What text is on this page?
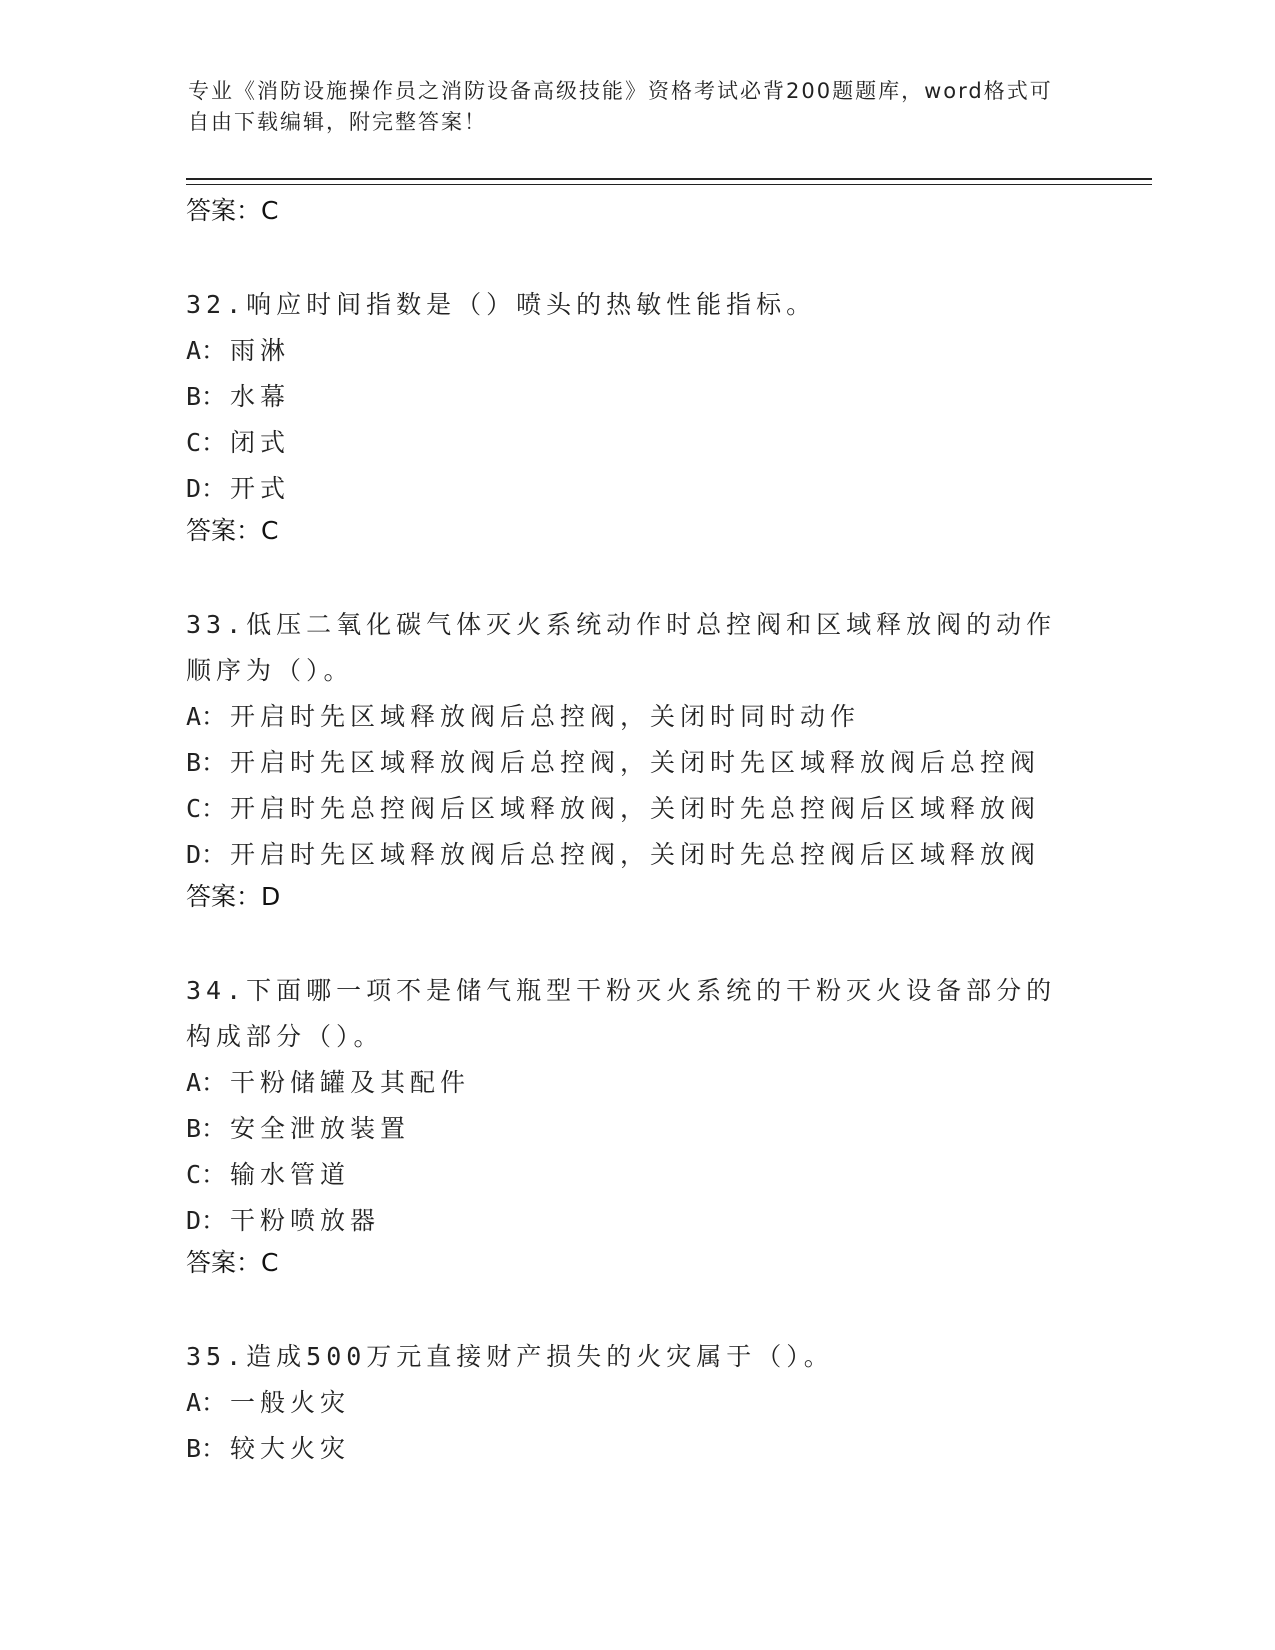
专业《消防设施操作员之消防设备高级技能》资格考试必背200题题库，word格式可自由下载编辑，附完整答案！
答案：C
32.响应时间指数是（）喷头的热敏性能指标。
A： 雨淋
B： 水幕
C： 闭式
D： 开式
答案：C
33.低压二氧化碳气体灭火系统动作时总控阀和区域释放阀的动作顺序为（）。
A： 开启时先区域释放阀后总控阀，关闭时同时动作
B： 开启时先区域释放阀后总控阀，关闭时先区域释放阀后总控阀
C： 开启时先总控阀后区域释放阀，关闭时先总控阀后区域释放阀
D： 开启时先区域释放阀后总控阀，关闭时先总控阀后区域释放阀
答案：D
34.下面哪一项不是储气瓶型干粉灭火系统的干粉灭火设备部分的构成部分（）。
A： 干粉储罐及其配件
B： 安全泄放装置
C： 输水管道
D： 干粉喷放器
答案：C
35.造成500万元直接财产损失的火灾属于（）。
A： 一般火灾
B： 较大火灾
